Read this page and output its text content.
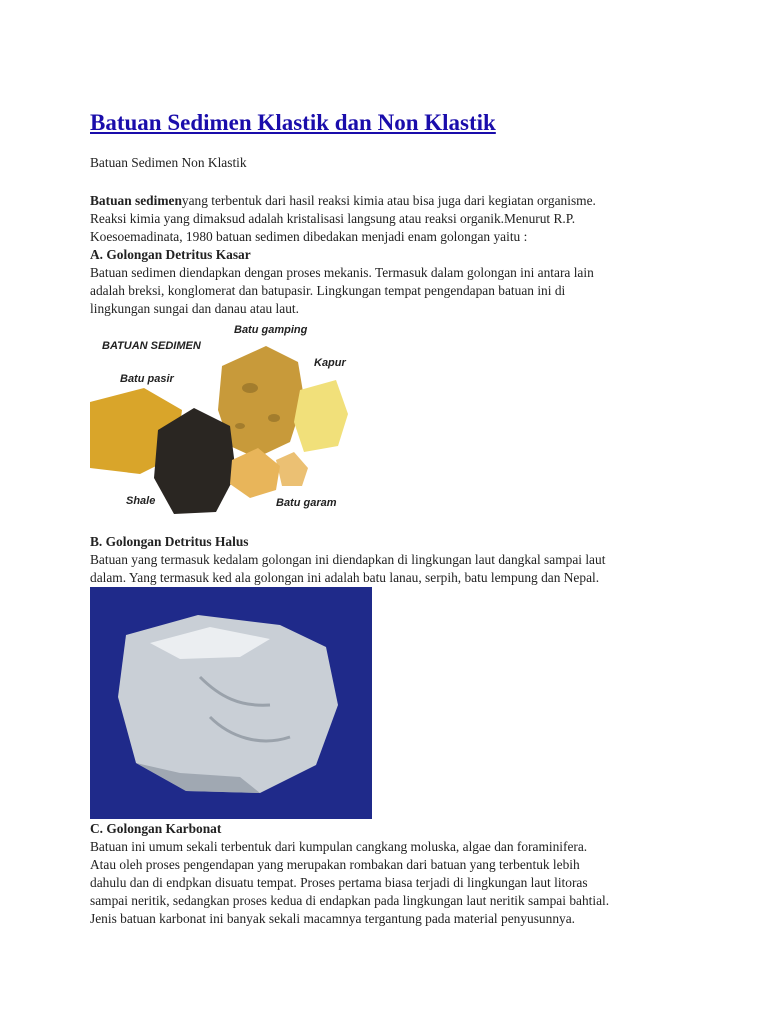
Batuan Sedimen Klastik dan Non Klastik

Batuan Sedimen Non Klastik

Batuan sedimenyang terbentuk dari hasil reaksi kimia atau bisa juga dari kegiatan organisme.

Reaksi kimia yang dimaksud adalah kristalisasi langsung atau reaksi organik.Menurut R.P.

Koesoemadinata, 1980 batuan sedimen dibedakan menjadi enam golongan yaitu :

A. Golongan Detritus Kasar

Batuan sedimen diendapkan dengan proses mekanis. Termasuk dalam golongan ini antara lain

adalah breksi, konglomerat dan batupasir. Lingkungan tempat pengendapan batuan ini di

lingkungan sungai dan danau atau laut.

BATUAN SEDIMEN
Batu gamping
Kapur
Batu pasir
Shale	Batu garam

B. Golongan Detritus Halus

Batuan yang termasuk kedalam golongan ini diendapkan di lingkungan laut dangkal sampai laut

dalam. Yang termasuk ked ala golongan ini adalah batu lanau, serpih, batu lempung dan Nepal.

C. Golongan Karbonat

Batuan ini umum sekali terbentuk dari kumpulan cangkang moluska, algae dan foraminifera.

Atau oleh proses pengendapan yang merupakan rombakan dari batuan yang terbentuk lebih

dahulu dan di endpkan disuatu tempat. Proses pertama biasa terjadi di lingkungan laut litoras

sampai neritik, sedangkan proses kedua di endapkan pada lingkungan laut neritik sampai bahtial.

Jenis batuan karbonat ini banyak sekali macamnya tergantung pada material penyusunnya.
